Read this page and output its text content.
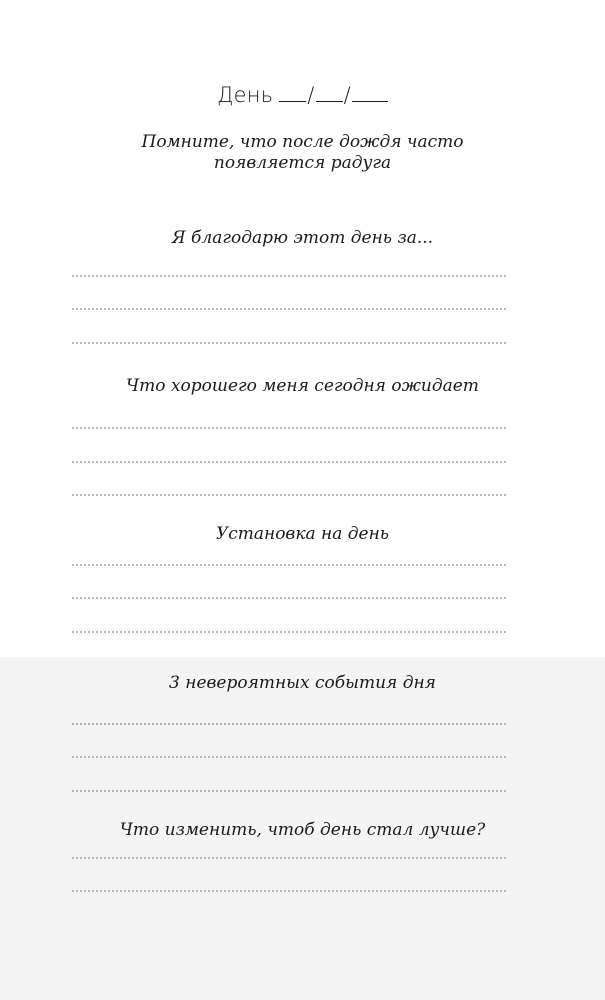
День / /
Помните, что после дождя часто
появляется радуга
Я благодарю этот день за...
Что хорошего меня сегодня ожидает
Установка на день
3 невероятных события дня
Что изменить, чтоб день стал лучше?
